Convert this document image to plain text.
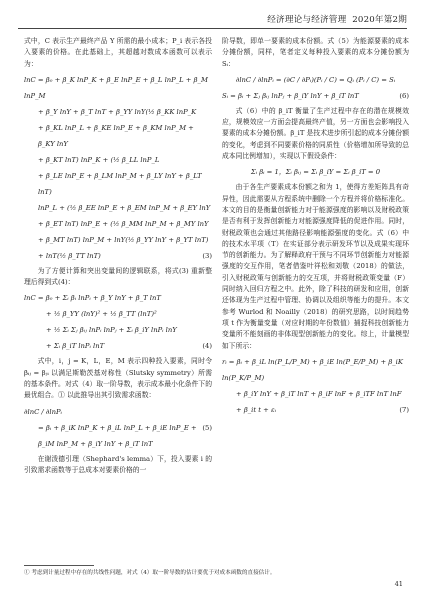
经济理论与经济管理 2020年第2期

式中，C 表示生产最终产品 Y 所需的最小成本；P_i 表示各投入要素的价格。在此基础上，其超越对数成本函数可以表示为：

lnC = β₀ + β_K lnP_K + β_E lnP_E + β_L lnP_L + β_M lnP_M
+ β_Y lnY + β_T lnT + β_YY lnY(½ β_KK lnP_K
+ β_KL lnP_L + β_KE lnP_E + β_KM lnP_M + β_KY lnY
+ β_KT lnT) lnP_K + (½ β_LL lnP_L
+ β_LE lnP_E + β_LM lnP_M + β_LY lnY + β_LT lnT)
lnP_L + (½ β_EE lnP_E + β_EM lnP_M + β_EY lnY
+ β_ET lnT) lnP_E + (½ β_MM lnP_M + β_MY lnY
+ β_MT lnT) lnP_M + lnY(½ β_YY lnY + β_YT lnT)
+ lnT(½ β_TT lnT)	(3)

为了方便计算和突出变量间的逻辑联系，将式(3) 重新整理后得到式(4)：

lnC = β₀ + Σᵢ βᵢ lnPᵢ + β_Y lnY + β_T lnT
+ ½ β_YY (lnY)² + ½ β_TT (lnT)²
+ ½ Σᵢ Σⱼ βᵢⱼ lnPᵢ lnPⱼ + Σᵢ β_iY lnPᵢ lnY
+ Σᵢ β_iT lnPᵢ lnT	(4)

式中，i，j = K，L，E，M 表示四种投入要素，同时令 βᵢⱼ = βⱼᵢ 以满足斯勒茨基对称性（Slutsky symmetry）所需的基本条件。对式（4）取一阶导数，表示成本最小化条件下的最优组合。① 以此推导出其引致需求函数：

∂lnC / ∂lnPᵢ
= βᵢ + β_iK lnP_K + β_iL lnP_L + β_iE lnP_E + β_iM lnP_M + β_iY lnY + β_iT lnT
(5)

在谢泼德引理（Shephard's lemma）下，投入要素 i 的引致需求函数等于总成本对要素价格的一

阶导数，即单一要素的成本份额。式（5）为能源要素的成本分摊份额，同样，笔者定义每种投入要素的成本分摊份额为 Sᵢ：

∂lnC / ∂lnPᵢ = (∂C / ∂Pᵢ)(Pᵢ / C) = Qᵢ (Pᵢ / C) = Sᵢ
Sᵢ = βᵢ + Σⱼ βᵢⱼ lnPⱼ + β_iY lnY + β_iT lnT	(6)

式（6）中的 β_iT 衡量了生产过程中存在的潜在规模效应，规模效应一方面会提高最终产值，另一方面也会影响投入要素的成本分摊份额。β_iT 是技术进步所引起的成本分摊份额的变化，考虑到不同要素价格的同质性（价格增加所导致的总成本同比例增加），实现以下假设条件：

Σᵢ βᵢ = 1，Σᵢ βᵢⱼ = Σᵢ β_iY = Σᵢ β_iT = 0

由于各生产要素成本份额之和为 1，使得方差矩阵具有奇异性，因此需要从方程系统中删除一个方程并将价格标准化。本文的目的是衡量创新能力对于能源强度的影响以及财税政策是否有利于发挥创新能力对能源强度降低的促进作用。同时，财税政策也会通过其他路径影响能源强度的变化。式（6）中的技术水平项（T）在实证部分表示研发环节以及成果实现环节的创新能力。为了解释政府干预与不同环节创新能力对能源强度的交互作用，笔者借鉴叶祥松和刘敬（2018）的做法，引入财税政策与创新能力的交互项，并将财税政策变量（F）同时纳入回归方程之中。此外，除了科技的研发和应用，创新还体现为生产过程中管理、协调以及组织等能力的提升。本文参考 Wurlod 和 Noailly（2018）的研究思路，以时间趋势项 t 作为衡量变量（对应时期的年份数值）捕捉科技创新能力变量所不能刻画的非体现型创新能力的变化。综上，计量模型如下所示：

rᵢ = βᵢ + β_iL ln(P_L/P_M) + β_iE ln(P_E/P_M) + β_iK ln(P_K/P_M)
+ β_iY lnY + β_iT lnT + β_iF lnF + β_iTF lnT lnF
+ β_it t + εᵢ	(7)
① 考虑到计量过程中存在的共线性问题，对式（4）取一阶导数的估计要优于对成本函数的直接估计。
41
